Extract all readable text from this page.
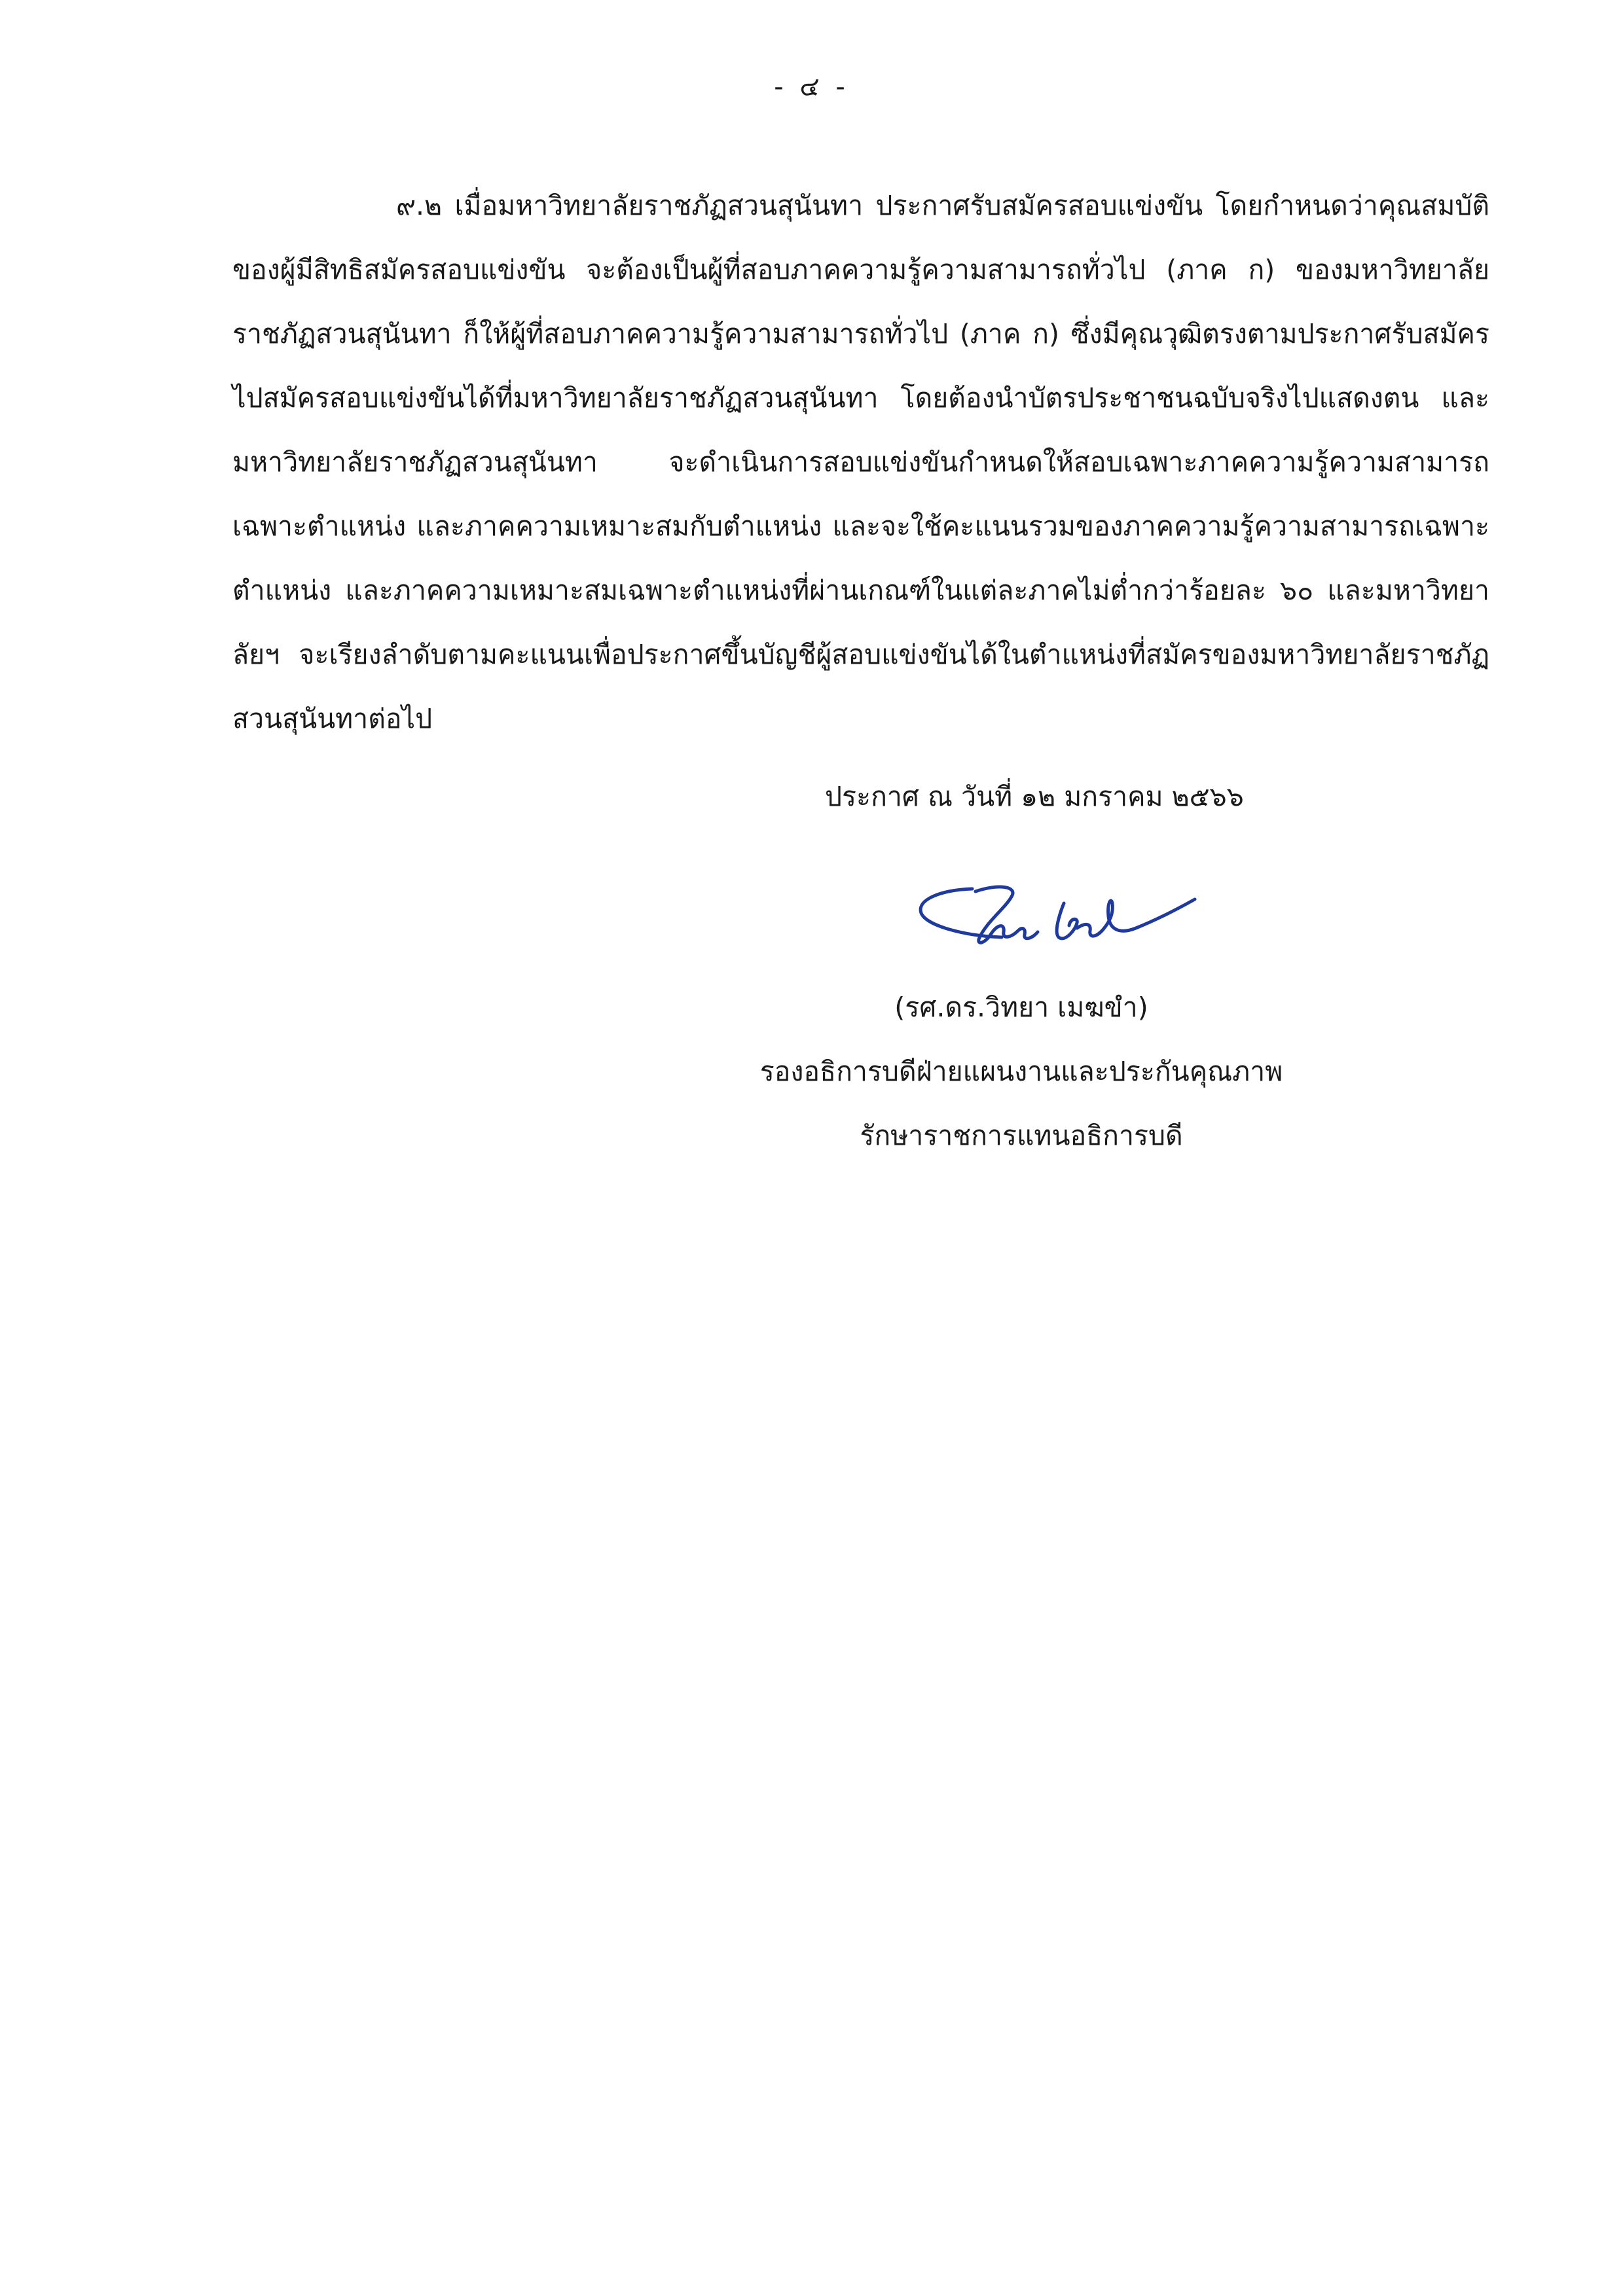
- ๔ -
๙.๒ เมื่อมหาวิทยาลัยราชภัฏสวนสุนันทา ประกาศรับสมัครสอบแข่งขัน โดยกำหนดว่าคุณสมบัติของผู้มีสิทธิสมัครสอบแข่งขัน จะต้องเป็นผู้ที่สอบภาคความรู้ความสามารถทั่วไป (ภาค ก) ของมหาวิทยาลัยราชภัฏสวนสุนันทา ก็ให้ผู้ที่สอบภาคความรู้ความสามารถทั่วไป (ภาค ก) ซึ่งมีคุณวุฒิตรงตามประกาศรับสมัครไปสมัครสอบแข่งขันได้ที่มหาวิทยาลัยราชภัฏสวนสุนันทา โดยต้องนำบัตรประชาชนฉบับจริงไปแสดงตน และมหาวิทยาลัยราชภัฏสวนสุนันทา จะดำเนินการสอบแข่งขันกำหนดให้สอบเฉพาะภาคความรู้ความสามารถเฉพาะตำแหน่ง และภาคความเหมาะสมกับตำแหน่ง และจะใช้คะแนนรวมของภาคความรู้ความสามารถเฉพาะตำแหน่ง และภาคความเหมาะสมเฉพาะตำแหน่งที่ผ่านเกณฑ์ในแต่ละภาคไม่ต่ำกว่าร้อยละ ๖๐ และมหาวิทยาลัยฯ จะเรียงลำดับตามคะแนนเพื่อประกาศขึ้นบัญชีผู้สอบแข่งขันได้ในตำแหน่งที่สมัครของมหาวิทยาลัยราชภัฏสวนสุนันทาต่อไป
ประกาศ ณ วันที่ ๑๒ มกราคม ๒๕๖๖
(รศ.ดร.วิทยา เมฆขำ)
รองอธิการบดีฝ่ายแผนงานและประกันคุณภาพ
รักษาราชการแทนอธิการบดี
